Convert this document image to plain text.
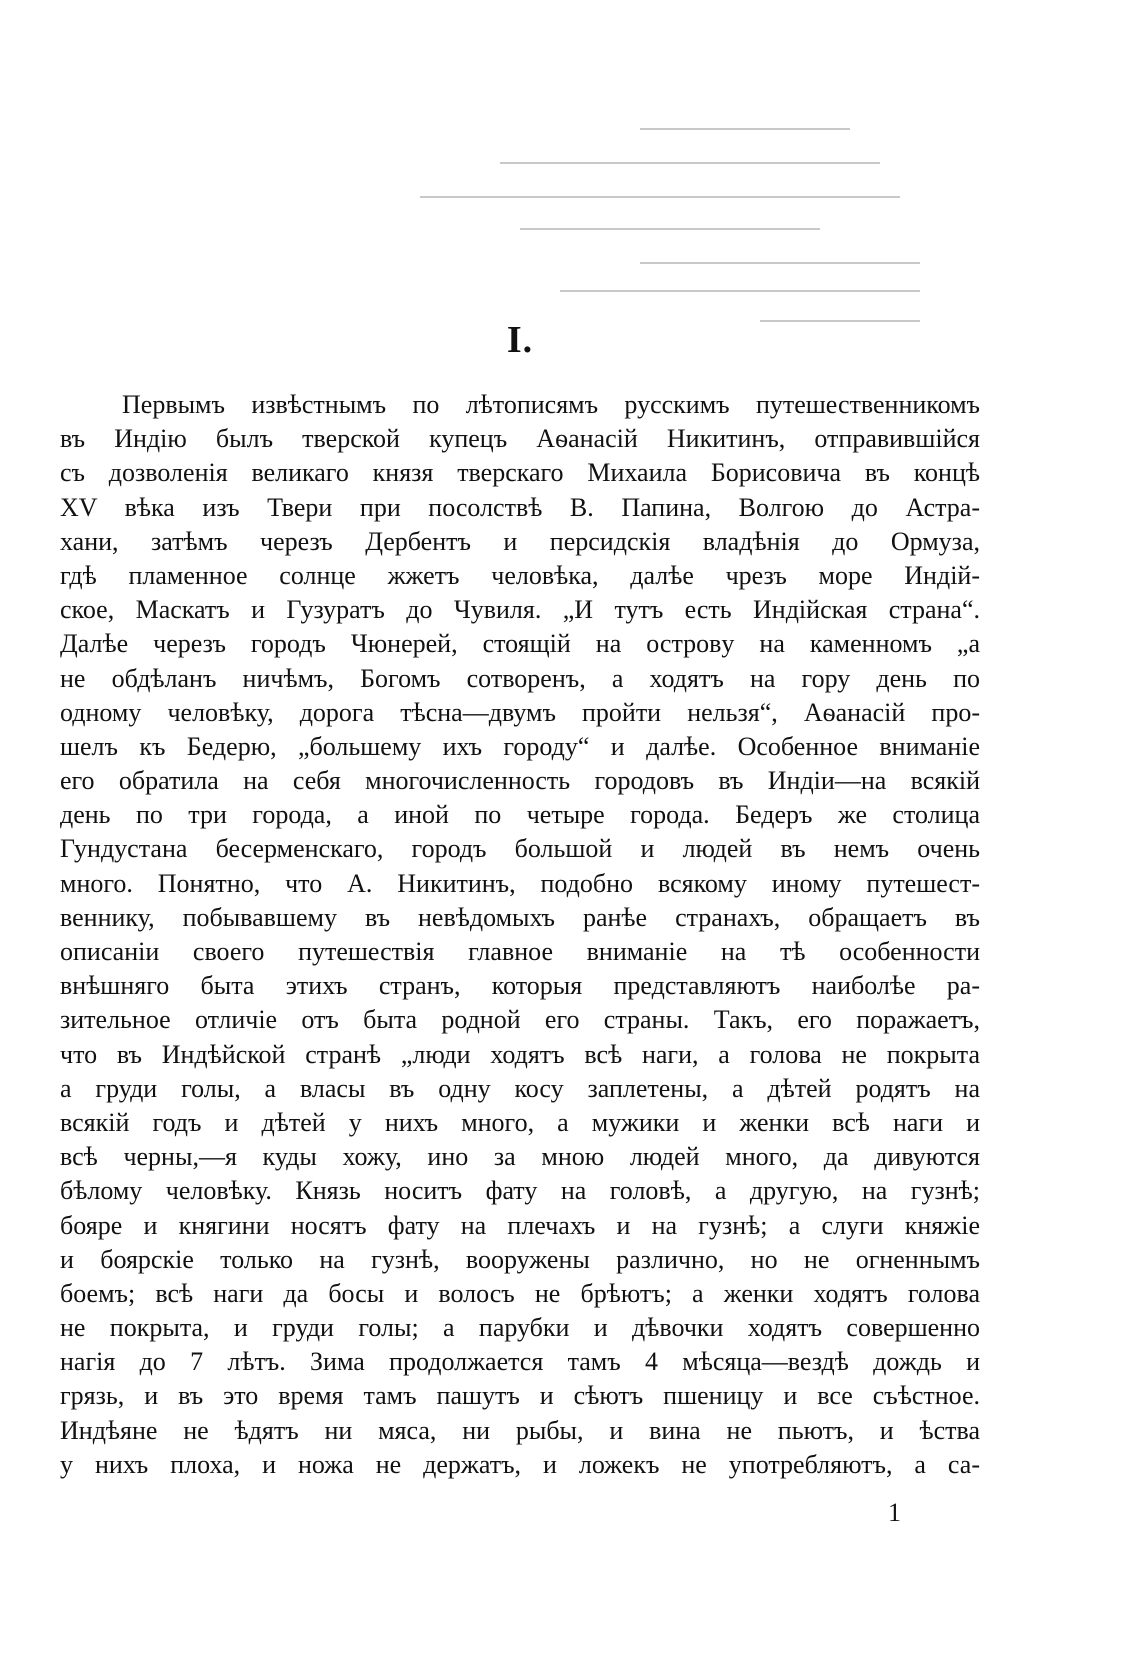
I.
Первымъ извѣстнымъ по лѣтописямъ русскимъ путешественникомъ
въ Индію былъ тверской купецъ Аѳанасій Никитинъ, отправившійся
съ дозволенія великаго князя тверскаго Михаила Борисовича въ концѣ
XV вѣка изъ Твери при посолствѣ В. Папина, Волгою до Астра-
хани, затѣмъ черезъ Дербентъ и персидскія владѣнія до Ормуза,
гдѣ пламенное солнце жжетъ человѣка, далѣе чрезъ море Индій-
ское, Маскатъ и Гузуратъ до Чувиля. „И тутъ есть Индійская страна“.
Далѣе черезъ городъ Чюнерей, стоящій на островy на каменномъ „а
не обдѣланъ ничѣмъ, Богомъ сотворенъ, а ходятъ на гору день по
одному человѣку, дорога тѣсна—двумъ пройти нельзя“, Аѳанасій про-
шелъ къ Бедерю, „большему ихъ городу“ и далѣе. Особенное вниманіе
его обратила на себя многочисленность городовъ въ Индіи—на всякій
день по три города, а иной по четыре города. Бедеръ же столица
Гундустана бесерменскаго, городъ большой и людей въ немъ очень
много. Понятно, что А. Никитинъ, подобно всякому иному путешест-
веннику, побывавшему въ невѣдомыхъ ранѣе странахъ, обращаетъ въ
описаніи своего путешествія главное вниманіе на тѣ особенности
внѣшняго быта этихъ странъ, которыя представляютъ наиболѣе ра-
зительное отличіе отъ быта родной его страны. Такъ, его поражаетъ,
что въ Индѣйской странѣ „люди ходятъ всѣ наги, а голова не покрыта
а груди голы, а власы въ одну косу заплетены, а дѣтей родятъ на
всякій годъ и дѣтей у нихъ много, а мужики и женки всѣ наги и
всѣ черны,—я куды хожу, ино за мною людей много, да дивуются
бѣлому человѣку. Князь носитъ фату на головѣ, а другую, на гузнѣ;
бояре и княгини носятъ фату на плечахъ и на гузнѣ; а слуги княжіе
и боярскіе только на гузнѣ, вооружены различно, но не огненнымъ
боемъ; всѣ наги да босы и волосъ не брѣютъ; а женки ходятъ голова
не покрыта, и груди голы; а парубки и дѣвочки ходятъ совершенно
нагія до 7 лѣтъ. Зима продолжается тамъ 4 мѣсяца—вездѣ дождь и
грязь, и въ это время тамъ пашутъ и сѣютъ пшеницу и все съѣстное.
Индѣяне не ѣдятъ ни мяса, ни рыбы, и вина не пьютъ, и ѣства
у нихъ плоха, и ножа не держатъ, и ложекъ не употребляютъ, а са-
1
